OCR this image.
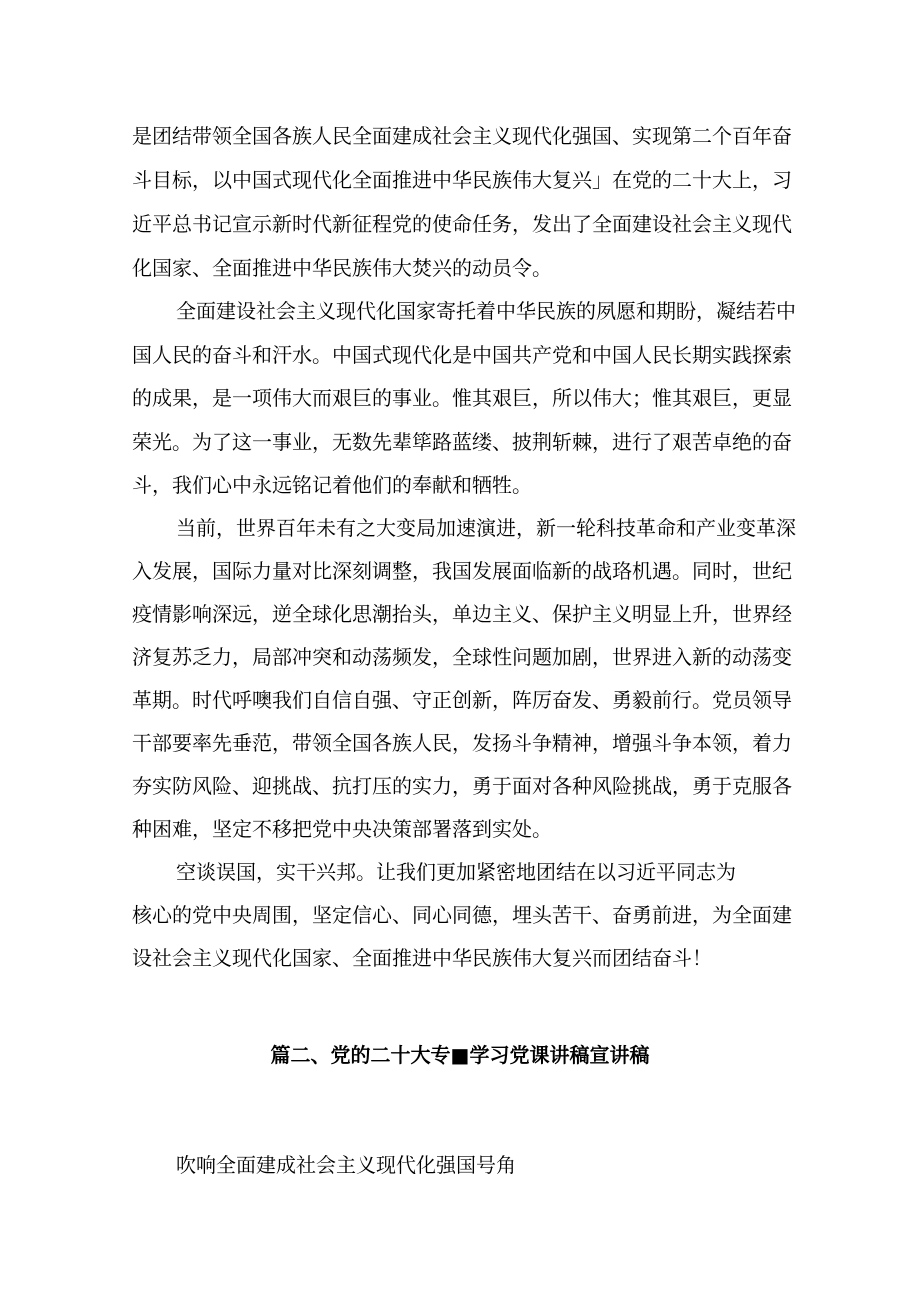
是团结带领全国各族人民全面建成社会主义现代化强国、实现第二个百年奋
斗目标，以中国式现代化全面推进中华民族伟大复兴」在党的二十大上，习
近平总书记宣示新时代新征程党的使命任务，发出了全面建设社会主义现代
化国家、全面推进中华民族伟大焚兴的动员令。
全面建设社会主义现代化国家寄托着中华民族的夙愿和期盼，凝结若中
国人民的奋斗和汗水。中国式现代化是中国共产党和中国人民长期实践探索
的成果，是一项伟大而艰巨的事业。惟其艰巨，所以伟大；惟其艰巨，更显
荣光。为了这一事业，无数先辈筚路蓝缕、披荆斩棘，进行了艰苦卓绝的奋
斗，我们心中永远铭记着他们的奉献和牺牲。
当前，世界百年未有之大变局加速演进，新一轮科技革命和产业变革深
入发展，国际力量对比深刻调整，我国发展面临新的战珞机遇。同时，世纪
疫情影响深远，逆全球化思潮抬头，单边主义、保护主义明显上升，世界经
济复苏乏力，局部冲突和动荡频发，全球性问题加剧，世界进入新的动荡变
革期。时代呼噢我们自信自强、守正创新，阵厉奋发、勇毅前行。党员领导
干部要率先垂范，带领全国各族人民，发扬斗争精神，增强斗争本领，着力
夯实防风险、迎挑战、抗打压的实力，勇于面对各种风险挑战，勇于克服各
种困难，坚定不移把党中央决策部署落到实处。
空谈误国，实干兴邦。让我们更加紧密地团结在以习近平同志为
核心的党中央周围，坚定信心、同心同德，埋头苦干、奋勇前进，为全面建
设社会主义现代化国家、全面推进中华民族伟大复兴而团结奋斗！
篇二、党的二十大专■学习党课讲稿宣讲稿
吹响全面建成社会主义现代化强国号角
